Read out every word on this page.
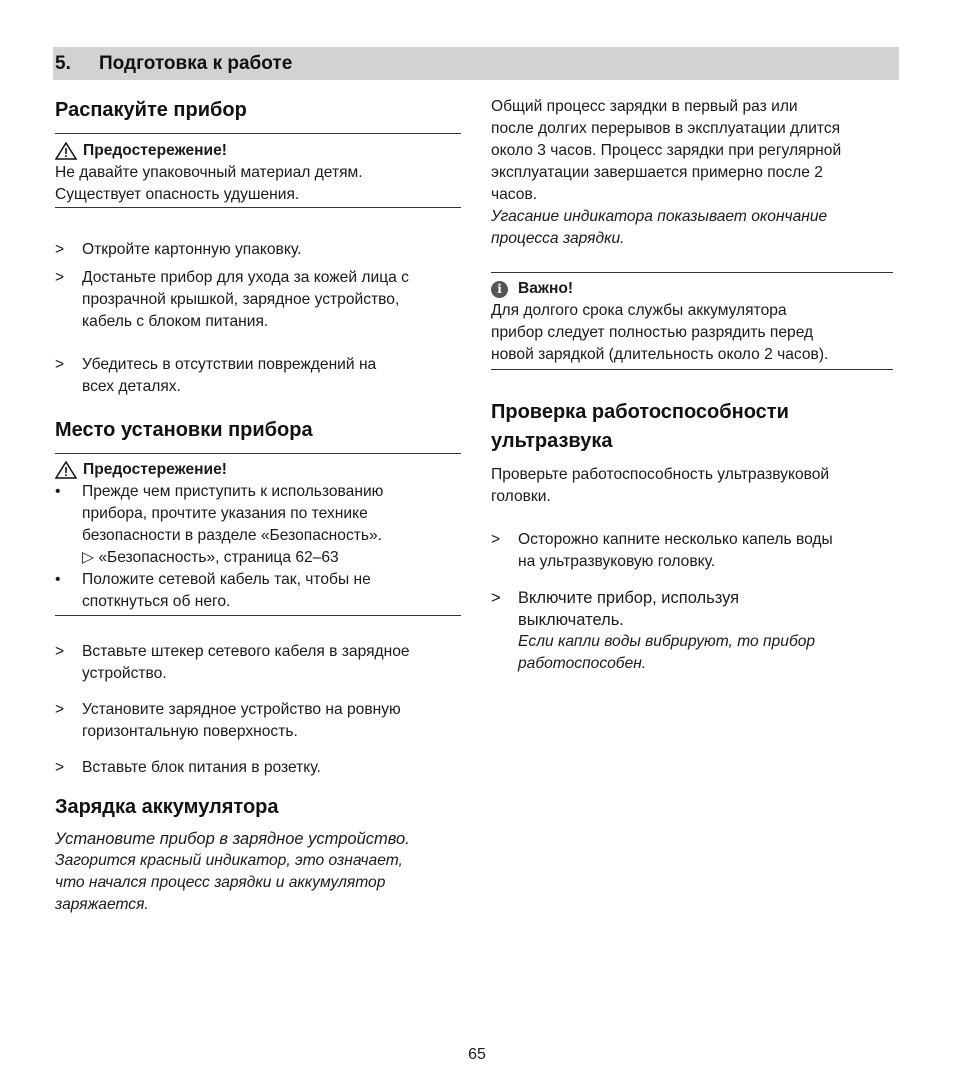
5. Подготовка к работе
Распакуйте прибор
Предостережение!

Не давайте упаковочный материал детям.

Существует опасность удушения.

>	Откройте картонную упаковку.

>	Достаньте прибор для ухода за кожей лица с

прозрачной крышкой, зарядное устройство,

кабель с блоком питания.

>	Убедитесь в отсутствии повреждений на

всех деталях.

Место установки прибора
Предостережение!
•	Прежде чем приступить к использованию

прибора, прочтите указания по технике

безопасности в разделе «Безопасность».

▷ «Безопасность», страница 62–63

•	Положите сетевой кабель так, чтобы не

споткнуться об него.

>	Вставьте штекер сетевого кабеля в зарядное

устройство.

>	Установите зарядное устройство на ровную

горизонтальную поверхность.

>	Вставьте блок питания в розетку.

Зарядка аккумулятора

Установите прибор в зарядное устройство.

Загорится красный индикатор, это означает,

что начался процесс зарядки и аккумулятор

заряжается.

Общий процесс зарядки в первый раз или

после долгих перерывов в эксплуатации длится

около 3 часов. Процесс зарядки при регулярной

эксплуатации завершается примерно после 2

часов.

Угасание индикатора показывает окончание

процесса зарядки.

i	Важно!

Для долгого срока службы аккумулятора

прибор следует полностью разрядить перед

новой зарядкой (длительность около 2 часов).

Проверка работоспособности
ультразвука

Проверьте работоспособность ультразвуковой

головки.

>	Осторожно капните несколько капель воды

на ультразвуковую головку.

>	Включите прибор, используя

выключатель.

Если капли воды вибрируют, то прибор

работоспособен.

65
